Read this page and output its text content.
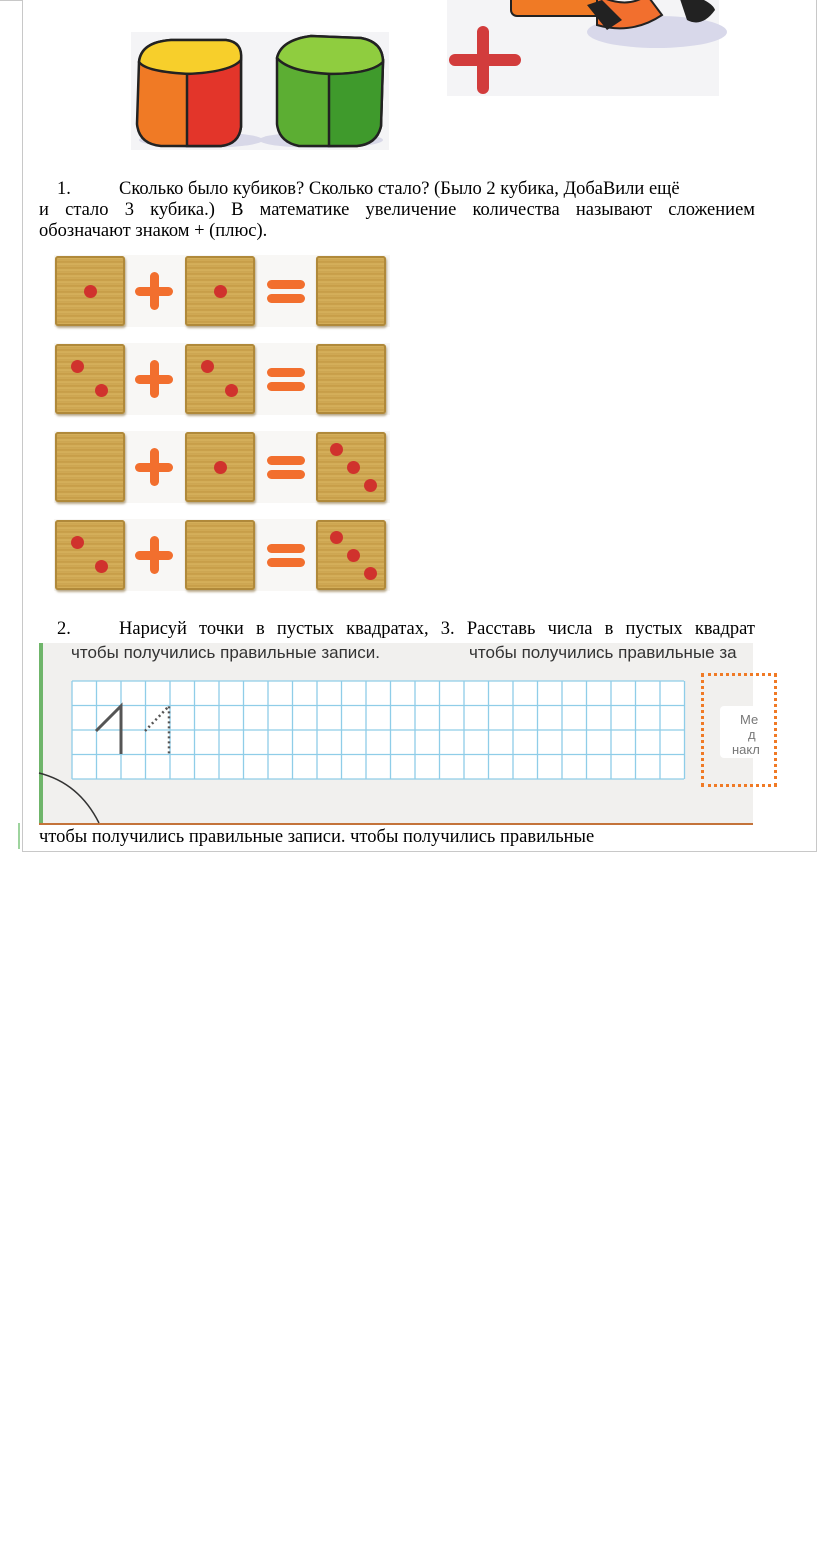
1.	Сколько было кубиков? Сколько стало? (Было 2 кубика, ДобаВили ещё
и стало 3 кубика.) В математике увеличение количества называют сложением
обозначают знаком + (плюс).
2.	Нарисуй точки в пустых квадратах, 3. Расставь числа в пустых квадрат
чтобы получились правильные записи.	чтобы получились правильные за
Ме
д
накл
чтобы получились правильные записи. чтобы получились правильные
